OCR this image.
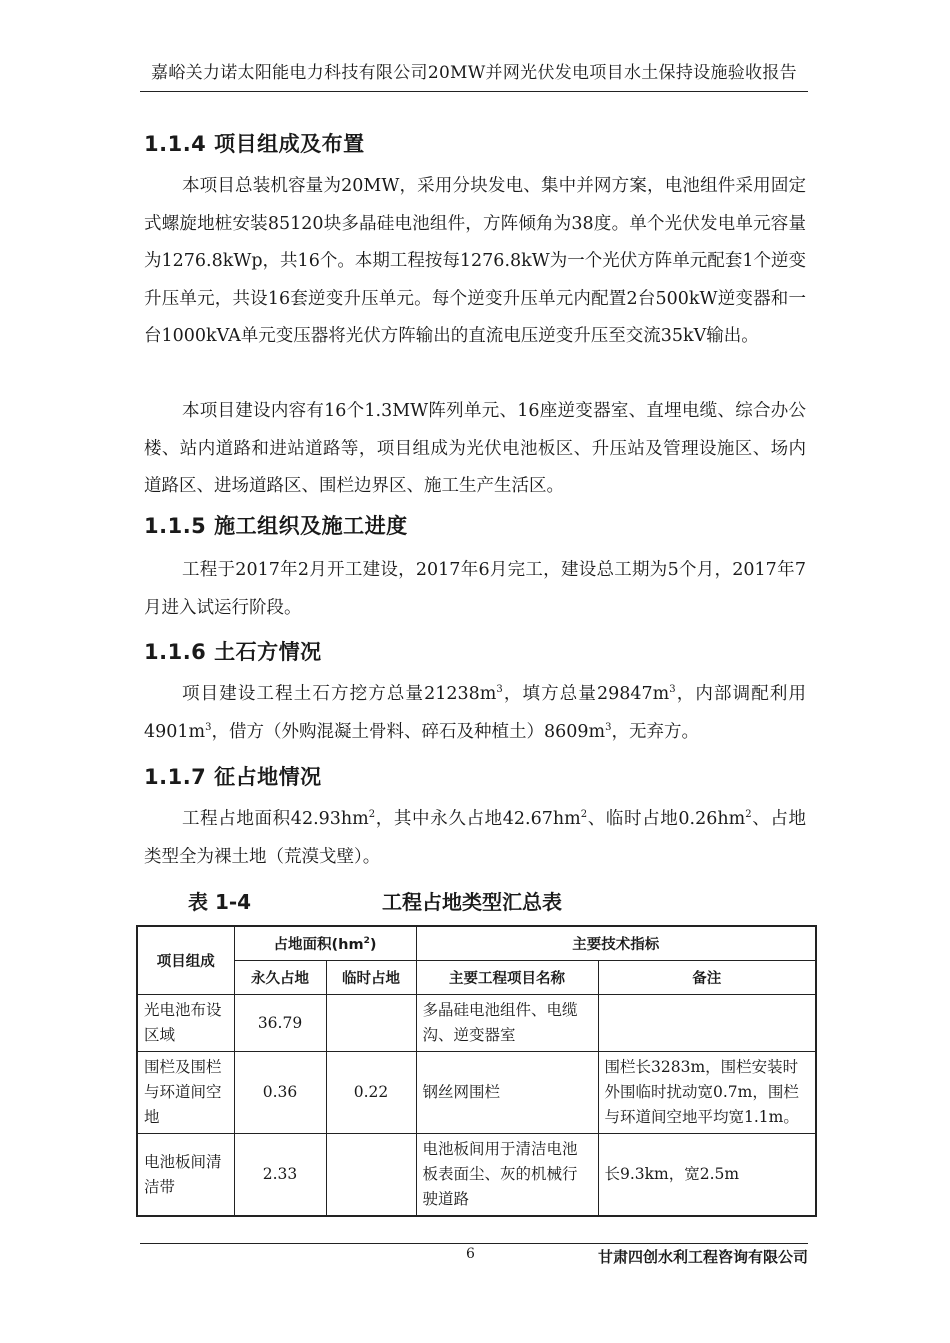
嘉峪关力诺太阳能电力科技有限公司20MW并网光伏发电项目水土保持设施验收报告
1.1.4 项目组成及布置

本项目总装机容量为20MW，采用分块发电、集中并网方案，电池组件采用固定式螺旋地桩安装85120块多晶硅电池组件，方阵倾角为38度。单个光伏发电单元容量为1276.8kWp，共16个。本期工程按每1276.8kW为一个光伏方阵单元配套1个逆变升压单元，共设16套逆变升压单元。每个逆变升压单元内配置2台500kW逆变器和一台1000kVA单元变压器将光伏方阵输出的直流电压逆变升压至交流35kV输出。

本项目建设内容有16个1.3MW阵列单元、16座逆变器室、直埋电缆、综合办公楼、站内道路和进站道路等，项目组成为光伏电池板区、升压站及管理设施区、场内道路区、进场道路区、围栏边界区、施工生产生活区。

1.1.5 施工组织及施工进度

工程于2017年2月开工建设，2017年6月完工，建设总工期为5个月，2017年7月进入试运行阶段。

1.1.6 土石方情况

项目建设工程土石方挖方总量$21238m^3$，填方总量$29847m^3$，内部调配利用$4901m^3$，借方（外购混凝土骨料、碎石及种植土）$8609m^3$，无弃方。

1.1.7 征占地情况

工程占地面积$42.93hm^2$，其中永久占地$42.67hm^2$、临时占地$0.26hm^2$、占地类型全为裸土地（荒漠戈壁）。

表 1-4	工程占地类型汇总表
项目组成	占地面积$(hm^2)$		主要技术指标	
	永久占地	临时占地	主要工程项目名称	备注
光电池布设区域	36.79		多晶硅电池组件、电缆沟、逆变器室	
围栏及围栏与环道间空地	0.36	0.22	钢丝网围栏	围栏长3283m，围栏安装时外围临时扰动宽0.7m，围栏与环道间空地平均宽1.1m。
电池板间清洁带	2.33		电池板间用于清洁电池板表面尘、灰的机械行驶道路	长9.3km，宽2.5m
6	甘肃四创水利工程咨询有限公司
